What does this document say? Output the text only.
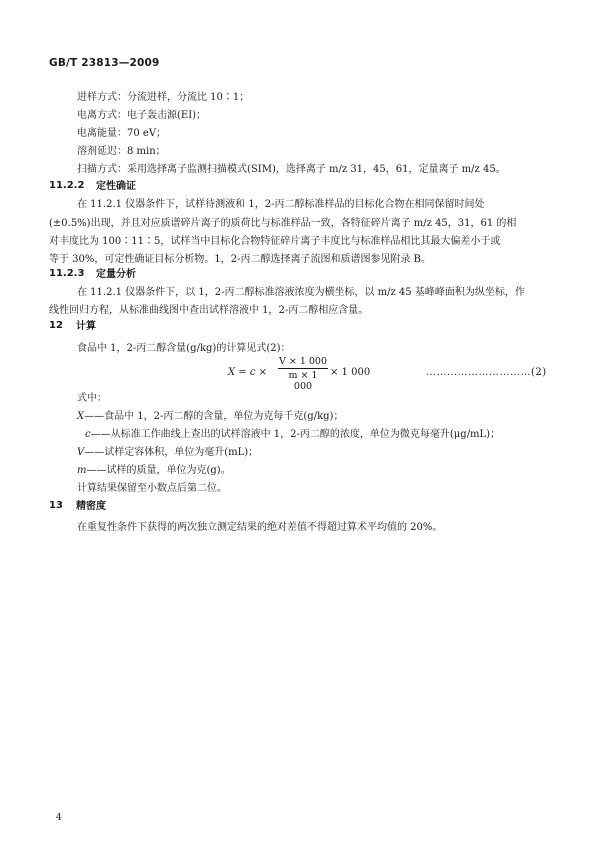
GB/T 23813—2009
进样方式：分流进样，分流比 10∶1；
电离方式：电子轰击源(EI)；
电离能量：70 eV；
溶剂延迟：8 min；
扫描方式：采用选择离子监测扫描模式(SIM)，选择离子 m/z 31，45，61，定量离子 m/z 45。
11.2.2 定性确证
在 11.2.1 仪器条件下，试样待测液和 1，2-丙二醇标准样品的目标化合物在相同保留时间处
(±0.5%)出现，并且对应质谱碎片离子的质荷比与标准样品一致，各特征碎片离子 m/z 45，31，61 的相
对丰度比为 100∶11∶5，试样当中目标化合物特征碎片离子丰度比与标准样品相比其最大偏差小于或
等于 30%，可定性确证目标分析物。1，2-丙二醇选择离子流图和质谱图参见附录 B。
11.2.3 定量分析
在 11.2.1 仪器条件下，以 1，2-丙二醇标准溶液浓度为横坐标，以 m/z 45 基峰峰面积为纵坐标，作
线性回归方程，从标准曲线图中查出试样溶液中 1，2-丙二醇相应含量。
12 计算
食品中 1，2-丙二醇含量(g/kg)的计算见式(2)：
X = c ×
V × 1 000
m × 1 000
× 1 000	…………………………(2)
式中：
X——食品中 1，2-丙二醇的含量，单位为克每千克(g/kg)；
c——从标准工作曲线上查出的试样溶液中 1，2-丙二醇的浓度，单位为微克每毫升(μg/mL)；
V——试样定容体积，单位为毫升(mL)；
m——试样的质量，单位为克(g)。
计算结果保留至小数点后第二位。
13 精密度
在重复性条件下获得的两次独立测定结果的绝对差值不得超过算术平均值的 20%。
4
